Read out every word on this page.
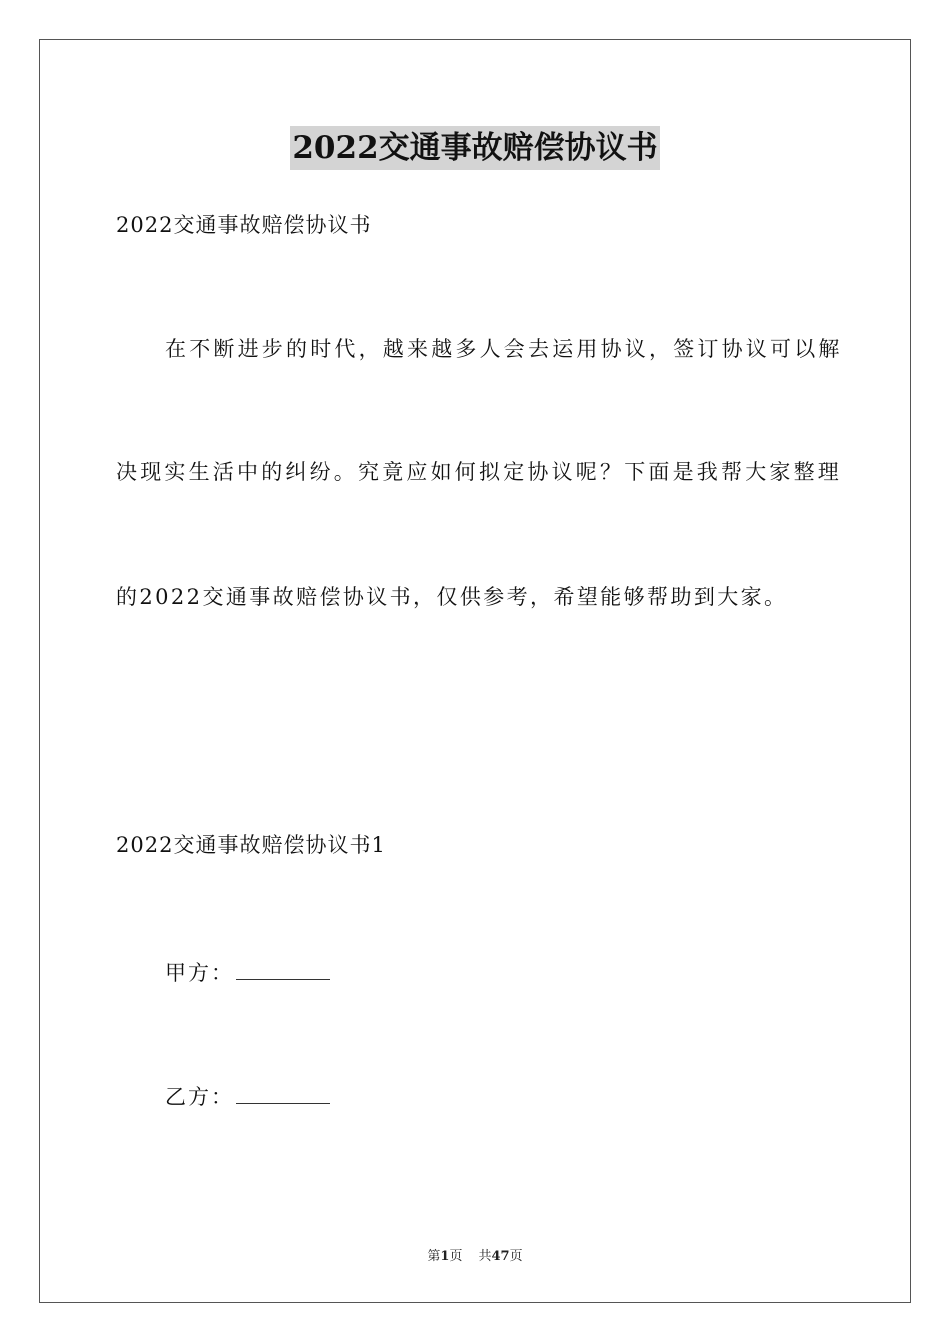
2022交通事故赔偿协议书
2022交通事故赔偿协议书
在不断进步的时代，越来越多人会去运用协议，签订协议可以解
决现实生活中的纠纷。究竟应如何拟定协议呢？下面是我帮大家整理
的2022交通事故赔偿协议书，仅供参考，希望能够帮助到大家。
2022交通事故赔偿协议书1
甲方：
乙方：
第1页 共47页
